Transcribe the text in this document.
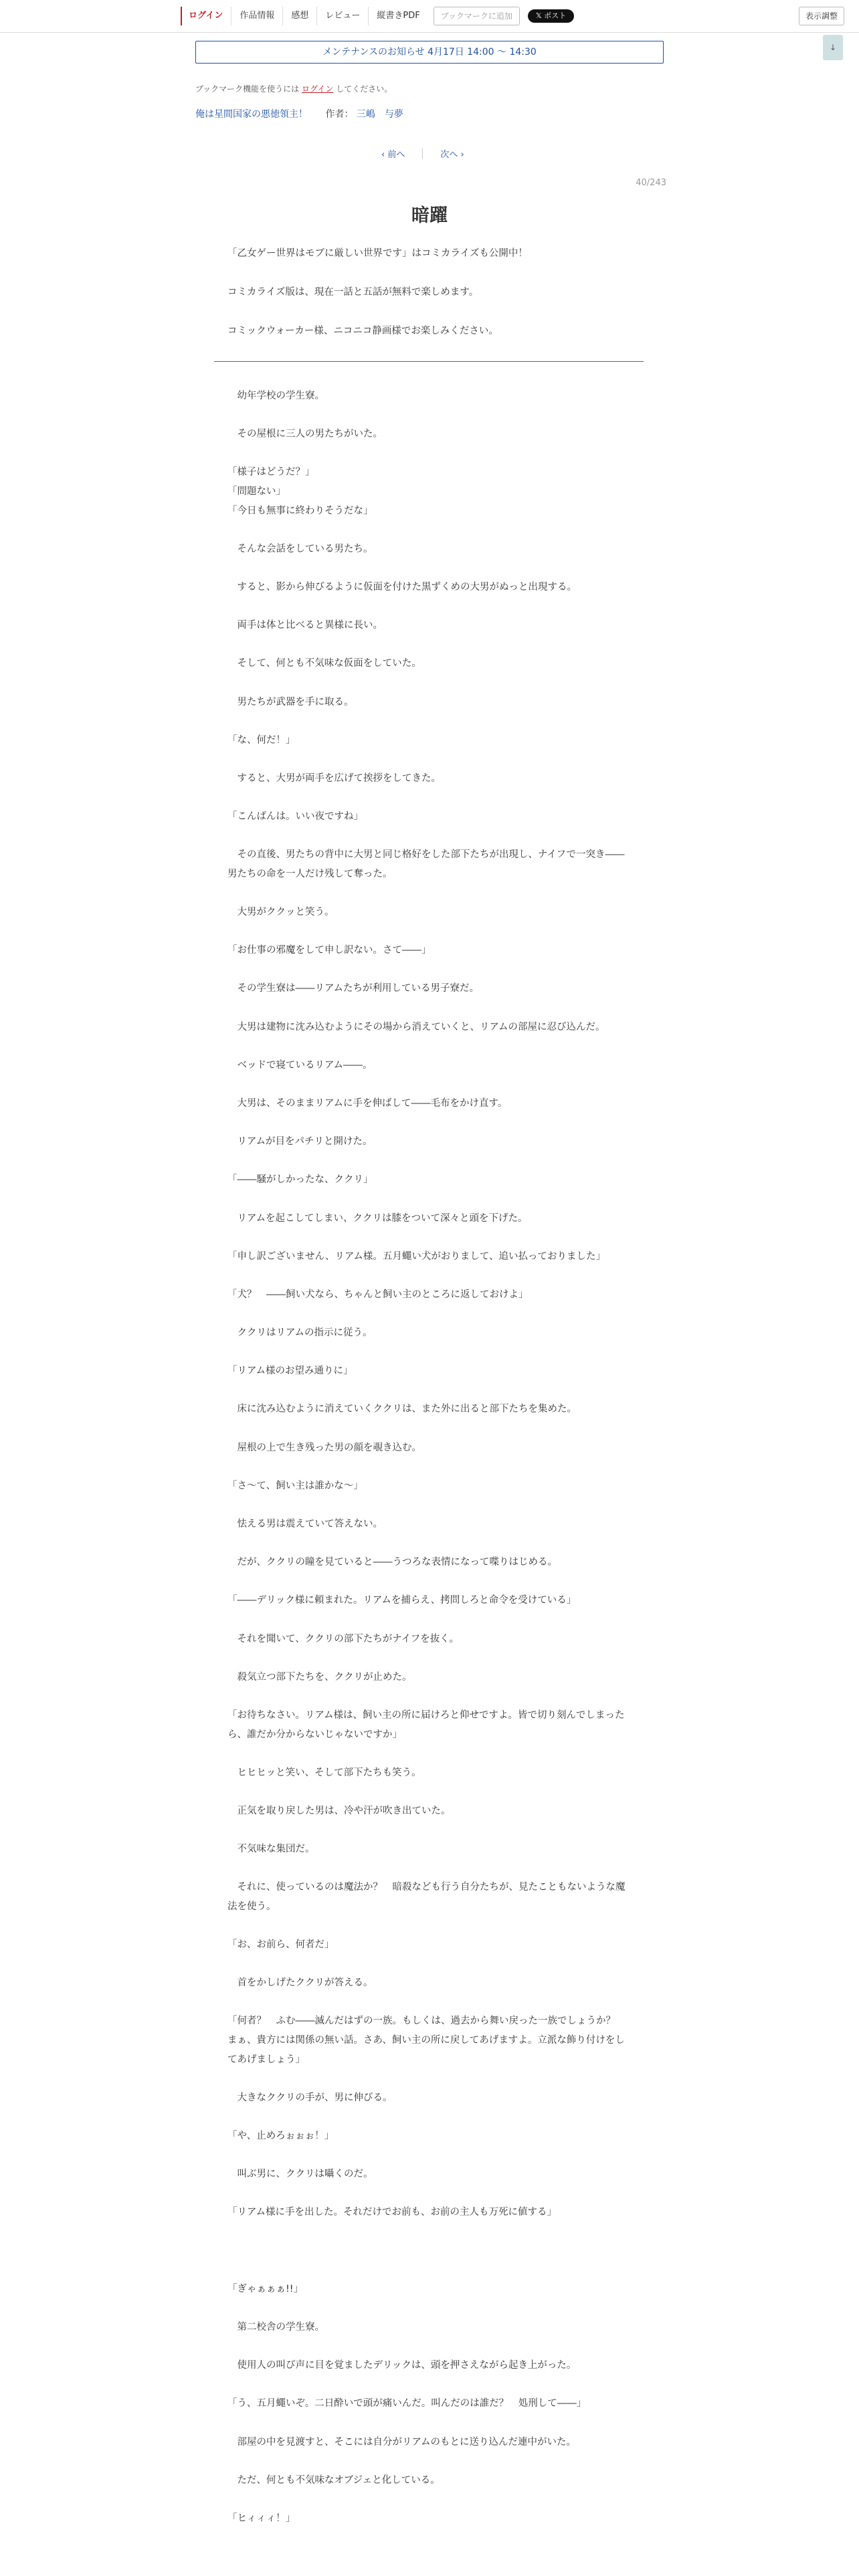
ログイン	作品情報	感想	レビュー	縦書きPDF	ブックマークに追加	𝕏 ポスト	表示調整
↓
メンテナンスのお知らせ 4月17日 14:00 ～ 14:30
ブックマーク機能を使うには ログイン してください。
俺は星間国家の悪徳領主！ 作者： 三嶋　与夢
‹ 前へ	次へ ›
40/243
暗躍

「乙女ゲー世界はモブに厳しい世界です」はコミカライズも公開中！

コミカライズ版は、現在一話と五話が無料で楽しめます。

コミックウォーカー様、ニコニコ静画様でお楽しみください。

　幼年学校の学生寮。

　その屋根に三人の男たちがいた。

「様子はどうだ？」

「問題ない」

「今日も無事に終わりそうだな」

　そんな会話をしている男たち。

　すると、影から伸びるように仮面を付けた黒ずくめの大男がぬっと出現する。

　両手は体と比べると異様に長い。

　そして、何とも不気味な仮面をしていた。

　男たちが武器を手に取る。

「な、何だ！」

　すると、大男が両手を広げて挨拶をしてきた。

「こんばんは。いい夜ですね」

　その直後、男たちの背中に大男と同じ格好をした部下たちが出現し、ナイフで一突き――男たちの命を一人だけ残して奪った。

　大男がククッと笑う。

「お仕事の邪魔をして申し訳ない。さて――」

　その学生寮は――リアムたちが利用している男子寮だ。

　大男は建物に沈み込むようにその場から消えていくと、リアムの部屋に忍び込んだ。

　ベッドで寝ているリアム――。

　大男は、そのままリアムに手を伸ばして――毛布をかけ直す。

　リアムが目をパチリと開けた。

「――騒がしかったな、ククリ」

　リアムを起こしてしまい、ククリは膝をついて深々と頭を下げた。

「申し訳ございません、リアム様。五月蠅い犬がおりまして、追い払っておりました」

「犬？　――飼い犬なら、ちゃんと飼い主のところに返しておけよ」

　ククリはリアムの指示に従う。

「リアム様のお望み通りに」

　床に沈み込むように消えていくククリは、また外に出ると部下たちを集めた。

　屋根の上で生き残った男の顔を覗き込む。

「さ～て、飼い主は誰かな～」

　怯える男は震えていて答えない。

　だが、ククリの瞳を見ていると――うつろな表情になって喋りはじめる。

「――デリック様に頼まれた。リアムを捕らえ、拷問しろと命令を受けている」

　それを聞いて、ククリの部下たちがナイフを抜く。

　殺気立つ部下たちを、ククリが止めた。

「お待ちなさい。リアム様は、飼い主の所に届けろと仰せですよ。皆で切り刻んでしまったら、誰だか分からないじゃないですか」

　ヒヒヒッと笑い、そして部下たちも笑う。

　正気を取り戻した男は、冷や汗が吹き出ていた。

　不気味な集団だ。

　それに、使っているのは魔法か？　暗殺なども行う自分たちが、見たこともないような魔法を使う。

「お、お前ら、何者だ」

　首をかしげたククリが答える。

「何者？　ふむ――滅んだはずの一族。もしくは、過去から舞い戻った一族でしょうか？　まぁ、貴方には関係の無い話。さあ、飼い主の所に戻してあげますよ。立派な飾り付けをしてあげましょう」

　大きなククリの手が、男に伸びる。

「や、止めろぉぉぉ！」

　叫ぶ男に、ククリは囁くのだ。

「リアム様に手を出した。それだけでお前も、お前の主人も万死に値する」

「ぎゃぁぁぁ!!」

　第二校舎の学生寮。

　使用人の叫び声に目を覚ましたデリックは、頭を押さえながら起き上がった。

「う、五月蠅いぞ。二日酔いで頭が痛いんだ。叫んだのは誰だ？　処刑して――」

　部屋の中を見渡すと、そこには自分がリアムのもとに送り込んだ連中がいた。

　ただ、何とも不気味なオブジェと化している。

「ヒィィィ！」
